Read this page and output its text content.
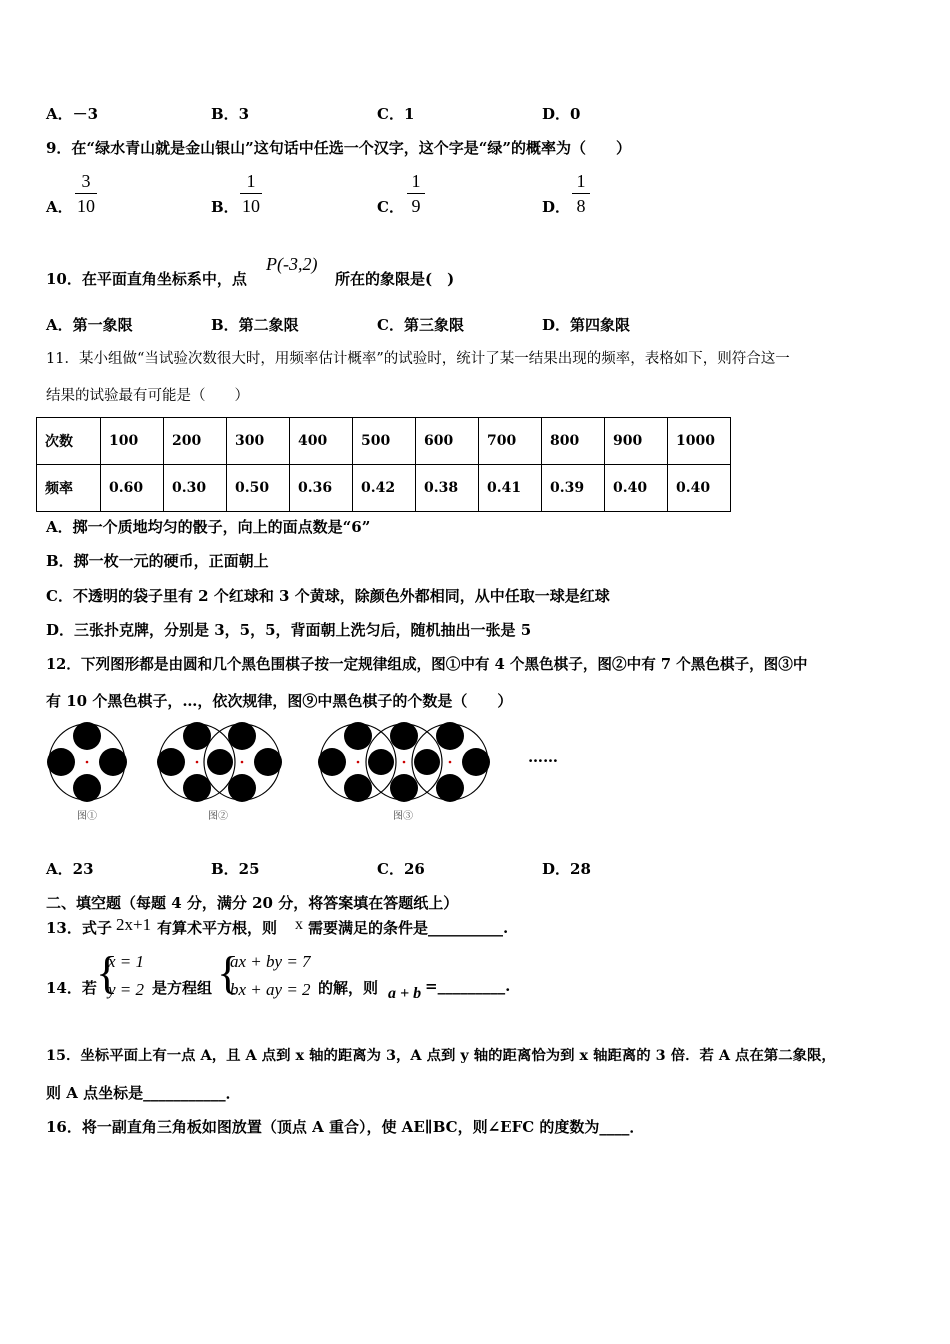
A．－3	B．3	C．1	D．0
9．在“绿水青山就是金山银山”这句话中任选一个汉字，这个字是“绿”的概率为（　　）
A．
3
10	B．
1
10	C．
1
9	D．
1
8
10．在平面直角坐标系中，点
P(-3,2)
所在的象限是(　)
A．第一象限	B．第二象限	C．第三象限	D．第四象限
11．某小组做“当试验次数很大时，用频率估计概率”的试验时，统计了某一结果出现的频率，表格如下，则符合这一
结果的试验最有可能是（　　）
次数	100	200	300	400	500	600	700	800	900	1000
频率	0.60	0.30	0.50	0.36	0.42	0.38	0.41	0.39	0.40	0.40
A．掷一个质地均匀的骰子，向上的面点数是“6”
B．掷一枚一元的硬币，正面朝上
C．不透明的袋子里有 2 个红球和 3 个黄球，除颜色外都相同，从中任取一球是红球
D．三张扑克牌，分别是 3，5，5，背面朝上洗匀后，随机抽出一张是 5
12．下列图形都是由圆和几个黑色围棋子按一定规律组成，图①中有 4 个黑色棋子，图②中有 7 个黑色棋子，图③中
有 10 个黑色棋子，…，依次规律，图⑨中黑色棋子的个数是（　　）
……
图①	图②	图③
A．23	B．25	C．26	D．28
二、填空题（每题 4 分，满分 20 分，将答案填在答题纸上）
13．式子 2x+1 有算术平方根，则 x 需要满足的条件是__________.
14．若 {
x = 1
y = 2 是方程组 {
ax + by = 7
bx + ay = 2 的解，则 a + b =_________.
15．坐标平面上有一点 A，且 A 点到 x 轴的距离为 3，A 点到 y 轴的距离恰为到 x 轴距离的 3 倍．若 A 点在第二象限，
则 A 点坐标是___________．
16．将一副直角三角板如图放置（顶点 A 重合），使 AE∥BC，则∠EFC 的度数为____．
